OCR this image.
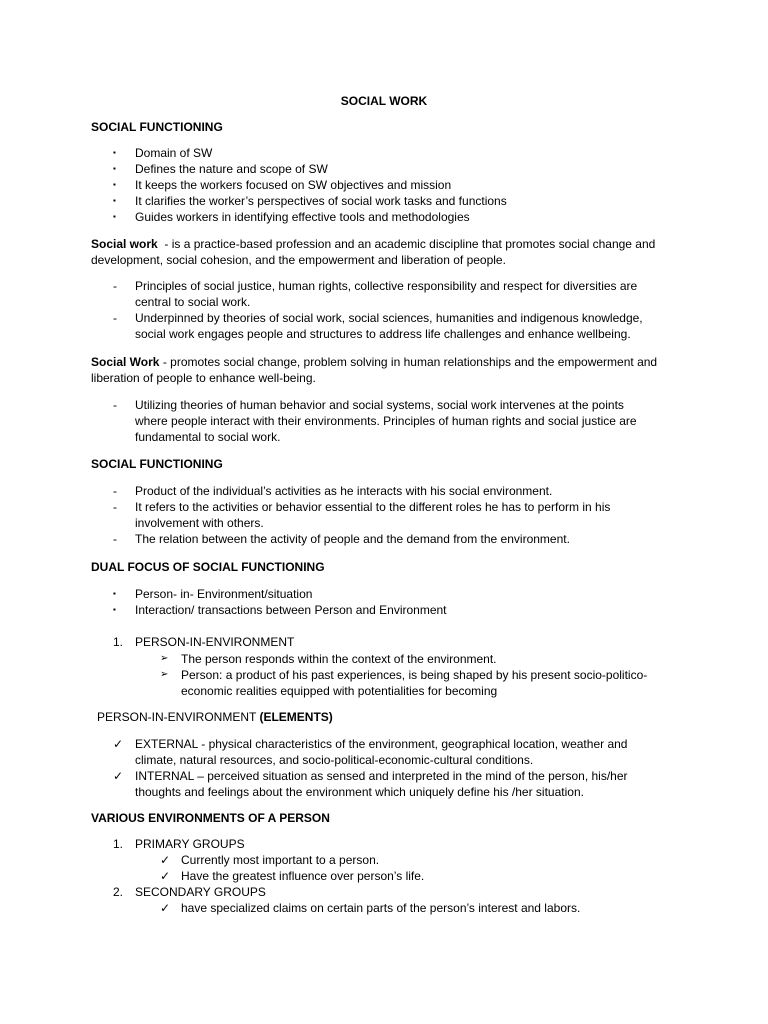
SOCIAL WORK
SOCIAL FUNCTIONING
▪ Domain of SW
▪ Defines the nature and scope of SW
▪ It keeps the workers focused on SW objectives and mission
▪ It clarifies the worker’s perspectives of social work tasks and functions
▪ Guides workers in identifying effective tools and methodologies
Social work - is a practice-based profession and an academic discipline that promotes social change and development, social cohesion, and the empowerment and liberation of people.
- Principles of social justice, human rights, collective responsibility and respect for diversities are
central to social work.
- Underpinned by theories of social work, social sciences, humanities and indigenous knowledge,
social work engages people and structures to address life challenges and enhance wellbeing.
Social Work - promotes social change, problem solving in human relationships and the empowerment and liberation of people to enhance well-being.
- Utilizing theories of human behavior and social systems, social work intervenes at the points
where people interact with their environments. Principles of human rights and social justice are
fundamental to social work.
SOCIAL FUNCTIONING
- Product of the individual’s activities as he interacts with his social environment.
- It refers to the activities or behavior essential to the different roles he has to perform in his
involvement with others.
- The relation between the activity of people and the demand from the environment.
DUAL FOCUS OF SOCIAL FUNCTIONING
▪ Person- in- Environment/situation
▪ Interaction/ transactions between Person and Environment
1. PERSON-IN-ENVIRONMENT
➢ The person responds within the context of the environment.
➢ Person: a product of his past experiences, is being shaped by his present socio-politico-
economic realities equipped with potentialities for becoming
PERSON-IN-ENVIRONMENT (ELEMENTS)
✓ EXTERNAL - physical characteristics of the environment, geographical location, weather and
climate, natural resources, and socio-political-economic-cultural conditions.
✓ INTERNAL – perceived situation as sensed and interpreted in the mind of the person, his/her
thoughts and feelings about the environment which uniquely define his /her situation.
VARIOUS ENVIRONMENTS OF A PERSON
1. PRIMARY GROUPS
✓ Currently most important to a person.
✓ Have the greatest influence over person’s life.
2. SECONDARY GROUPS
✓ have specialized claims on certain parts of the person’s interest and labors.
